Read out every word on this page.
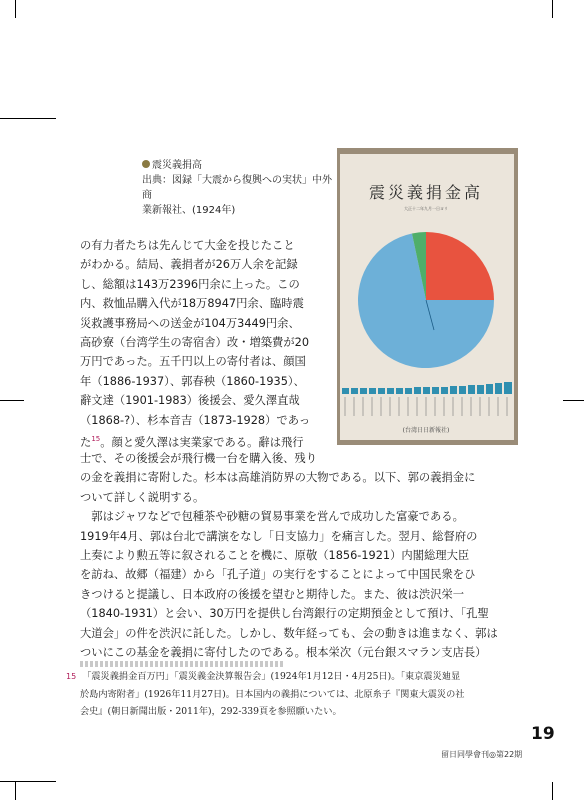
震災義捐高
出典：図録「大震から復興への実状」中外商
業新報社、(1924年)
震災義捐金高
大正十二年九月一日ヨリ
(台湾日日新報社)

の有力者たちは先んじて大金を投じたこと

がわかる。結局、義捐者が26万人余を記録

し、総額は143万2396円余に上った。この

内、救恤品購入代が18万8947円余、臨時震

災救護事務局への送金が104万3449円余、

高砂寮（台湾学生の寄宿舎）改・増築費が20

万円であった。五千円以上の寄付者は、顔国

年（1886-1937）、郭春秧（1860-1935）、

辭文達（1901-1983）後援会、愛久澤直哉

（1868-?）、杉本音吉（1873-1928）であっ

た$^{15}$。顔と愛久澤は実業家である。辭は飛行

士で、その後援会が飛行機一台を購入後、残り

の金を義捐に寄附した。杉本は高雄消防界の大物である。以下、郭の義捐金に

ついて詳しく説明する。

　郭はジャワなどで包種茶や砂糖の貿易事業を営んで成功した富豪である。

1919年4月、郭は台北で講演をなし「日支協力」を痛言した。翌月、総督府の

上奏により勲五等に叙されることを機に、原敬（1856-1921）内閣総理大臣

を訪ね、故郷（福建）から「孔子道」の実行をすることによって中国民衆をひ

きつけると提議し、日本政府の後援を望むと期待した。また、彼は渋沢栄一

（1840-1931）と会い、30万円を提供し台湾銀行の定期預金として預け、「孔聖

大道会」の件を渋沢に託した。しかし、数年経っても、会の動きは進まなく、郭は

ついにこの基金を義捐に寄付したのである。根本栄次（元台銀スマラン支店長）

15 「震災義捐金百万円」「震災義金決算報告会」(1924年1月12日・4月25日)。「東京震災廸显
於島内寄附者」(1926年11月27日)。日本国内の義捐については、北原糸子『関東大震災の社
会史』(朝日新聞出版・2011年)，292-339頁を参照願いたい。
19
留日同學會刊◎第22期
